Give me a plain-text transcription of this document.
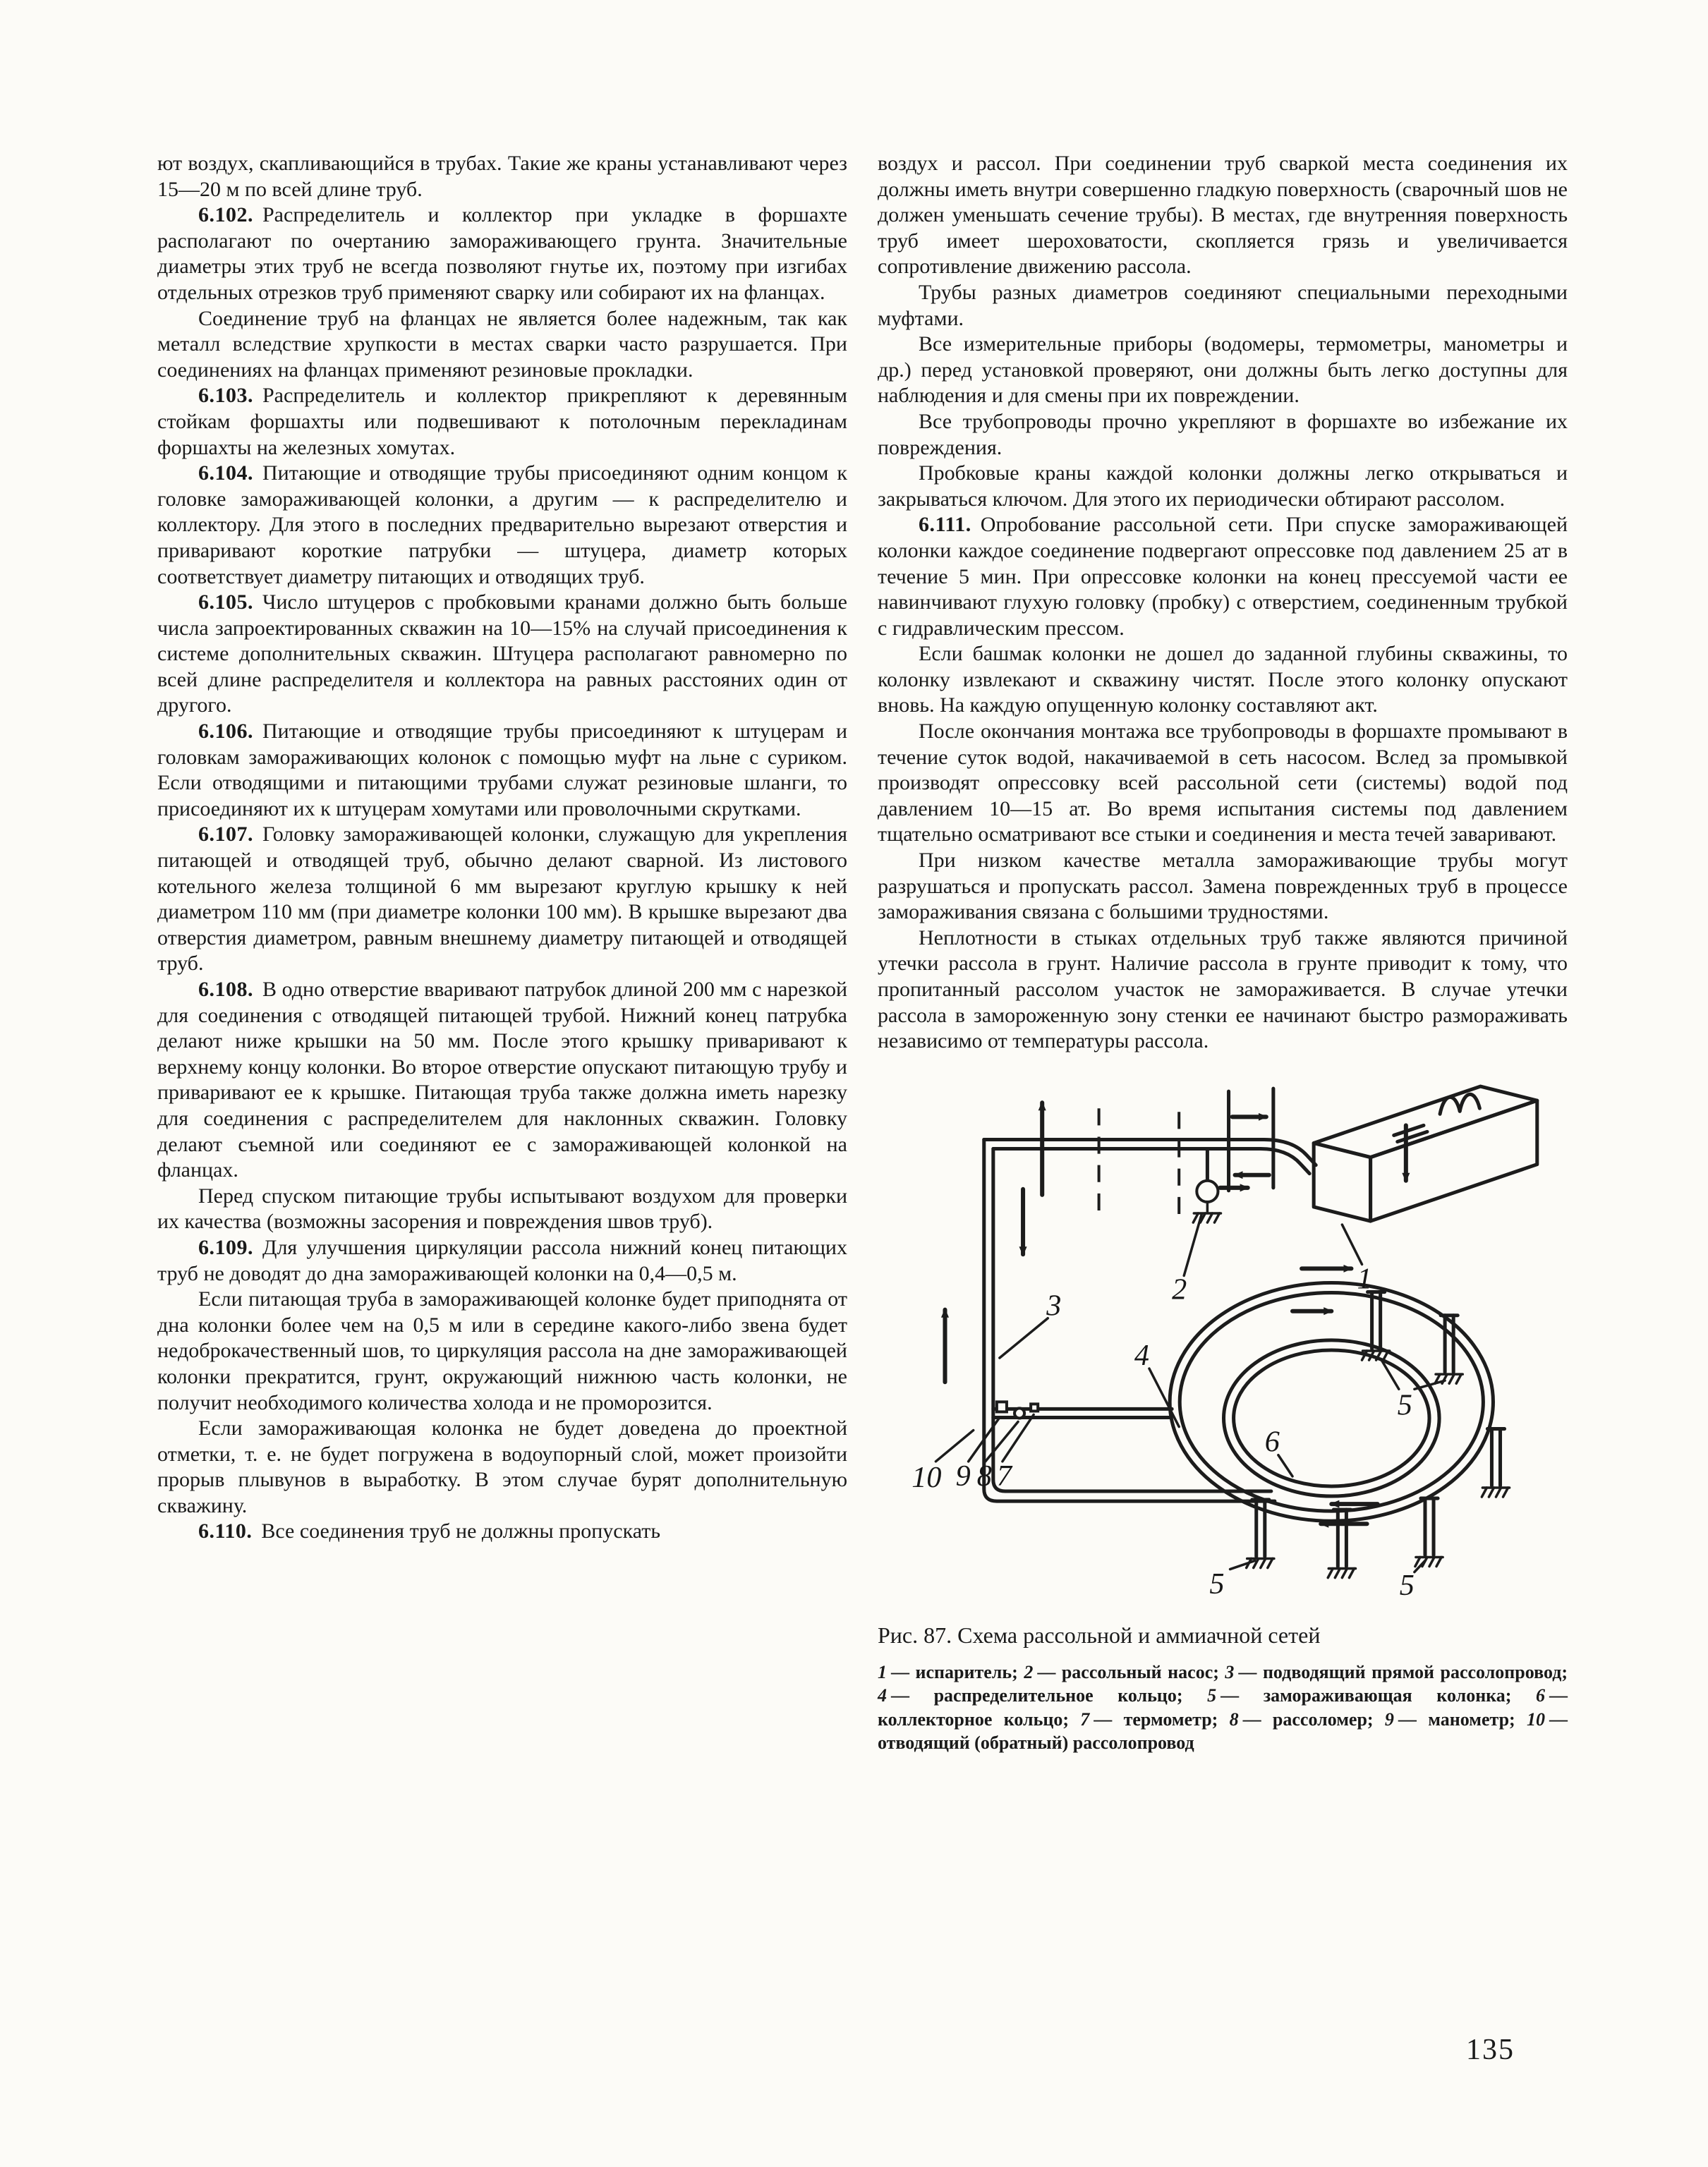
ют воздух, скапливающийся в трубах. Такие же краны устанавливают через 15—20 м по всей длине труб.

6.102. Распределитель и коллектор при укладке в форшахте располагают по очертанию замораживающего грунта. Значительные диаметры этих труб не всегда позволяют гнутье их, поэтому при изгибах отдельных отрезков труб применяют сварку или собирают их на фланцах.

Соединение труб на фланцах не является более надежным, так как металл вследствие хрупкости в местах сварки часто разрушается. При соединениях на фланцах применяют резиновые прокладки.

6.103. Распределитель и коллектор прикрепляют к деревянным стойкам форшахты или подвешивают к потолочным перекладинам форшахты на железных хомутах.

6.104. Питающие и отводящие трубы присоединяют одним концом к головке замораживающей колонки, а другим — к распределителю и коллектору. Для этого в последних предварительно вырезают отверстия и приваривают короткие патрубки — штуцера, диаметр которых соответствует диаметру питающих и отводящих труб.

6.105. Число штуцеров с пробковыми кранами должно быть больше числа запроектированных скважин на 10—15% на случай присоединения к системе дополнительных скважин. Штуцера располагают равномерно по всей длине распределителя и коллектора на равных расстояних один от другого.

6.106. Питающие и отводящие трубы присоединяют к штуцерам и головкам замораживающих колонок с помощью муфт на льне с суриком. Если отводящими и питающими трубами служат резиновые шланги, то присоединяют их к штуцерам хомутами или проволочными скрутками.

6.107. Головку замораживающей колонки, служащую для укрепления питающей и отводящей труб, обычно делают сварной. Из листового котельного железа толщиной 6 мм вырезают круглую крышку к ней диаметром 110 мм (при диаметре колонки 100 мм). В крышке вырезают два отверстия диаметром, равным внешнему диаметру питающей и отводящей труб.

6.108. В одно отверстие вваривают патрубок длиной 200 мм с нарезкой для соединения с отводящей питающей трубой. Нижний конец патрубка делают ниже крышки на 50 мм. После этого крышку приваривают к верхнему концу колонки. Во второе отверстие опускают питающую трубу и приваривают ее к крышке. Питающая труба также должна иметь нарезку для соединения с распределителем для наклонных скважин. Головку делают съемной или соединяют ее с замораживающей колонкой на фланцах.

Перед спуском питающие трубы испытывают воздухом для проверки их качества (возможны засорения и повреждения швов труб).

6.109. Для улучшения циркуляции рассола нижний конец питающих труб не доводят до дна замораживающей колонки на 0,4—0,5 м.

Если питающая труба в замораживающей колонке будет приподнята от дна колонки более чем на 0,5 м или в середине какого-либо звена будет недоброкачественный шов, то циркуляция рассола на дне замораживающей колонки прекратится, грунт, окружающий нижнюю часть колонки, не получит необходимого количества холода и не проморозится.

Если замораживающая колонка не будет доведена до проектной отметки, т. е. не будет погружена в водоупорный слой, может произойти прорыв плывунов в выработку. В этом случае бурят дополнительную скважину.

6.110. Все соединения труб не должны пропускать

воздух и рассол. При соединении труб сваркой места соединения их должны иметь внутри совершенно гладкую поверхность (сварочный шов не должен уменьшать сечение трубы). В местах, где внутренняя поверхность труб имеет шероховатости, скопляется грязь и увеличивается сопротивление движению рассола.

Трубы разных диаметров соединяют специальными переходными муфтами.

Все измерительные приборы (водомеры, термометры, манометры и др.) перед установкой проверяют, они должны быть легко доступны для наблюдения и для смены при их повреждении.

Все трубопроводы прочно укрепляют в форшахте во избежание их повреждения.

Пробковые краны каждой колонки должны легко открываться и закрываться ключом. Для этого их периодически обтирают рассолом.

6.111. Опробование рассольной сети. При спуске замораживающей колонки каждое соединение подвергают опрессовке под давлением 25 ат в течение 5 мин. При опрессовке колонки на конец прессуемой части ее навинчивают глухую головку (пробку) с отверстием, соединенным трубкой с гидравлическим прессом.

Если башмак колонки не дошел до заданной глубины скважины, то колонку извлекают и скважину чистят. После этого колонку опускают вновь. На каждую опущенную колонку составляют акт.

После окончания монтажа все трубопроводы в форшахте промывают в течение суток водой, накачиваемой в сеть насосом. Вслед за промывкой производят опрессовку всей рассольной сети (системы) водой под давлением 10—15 ат. Во время испытания системы под давлением тщательно осматривают все стыки и соединения и места течей заваривают.

При низком качестве металла замораживающие трубы могут разрушаться и пропускать рассол. Замена поврежденных труб в процессе замораживания связана с большими трудностями.

Неплотности в стыках отдельных труб также являются причиной утечки рассола в грунт. Наличие рассола в грунте приводит к тому, что пропитанный рассолом участок не замораживается. В случае утечки рассола в замороженную зону стенки ее начинают быстро размораживать независимо от температуры рассола.

1
2
3
4
5
5	5
6
7
8
9
10

Рис. 87. Схема рассольной и аммиачной сетей

1 — испаритель; 2 — рассольный насос; 3 — подводящий прямой рассолопровод; 4 — распределительное кольцо; 5 — замораживающая колонка; 6 — коллекторное кольцо; 7 — термометр; 8 — рассоломер; 9 — манометр; 10 — отводящий (обратный) рассолопровод
135
